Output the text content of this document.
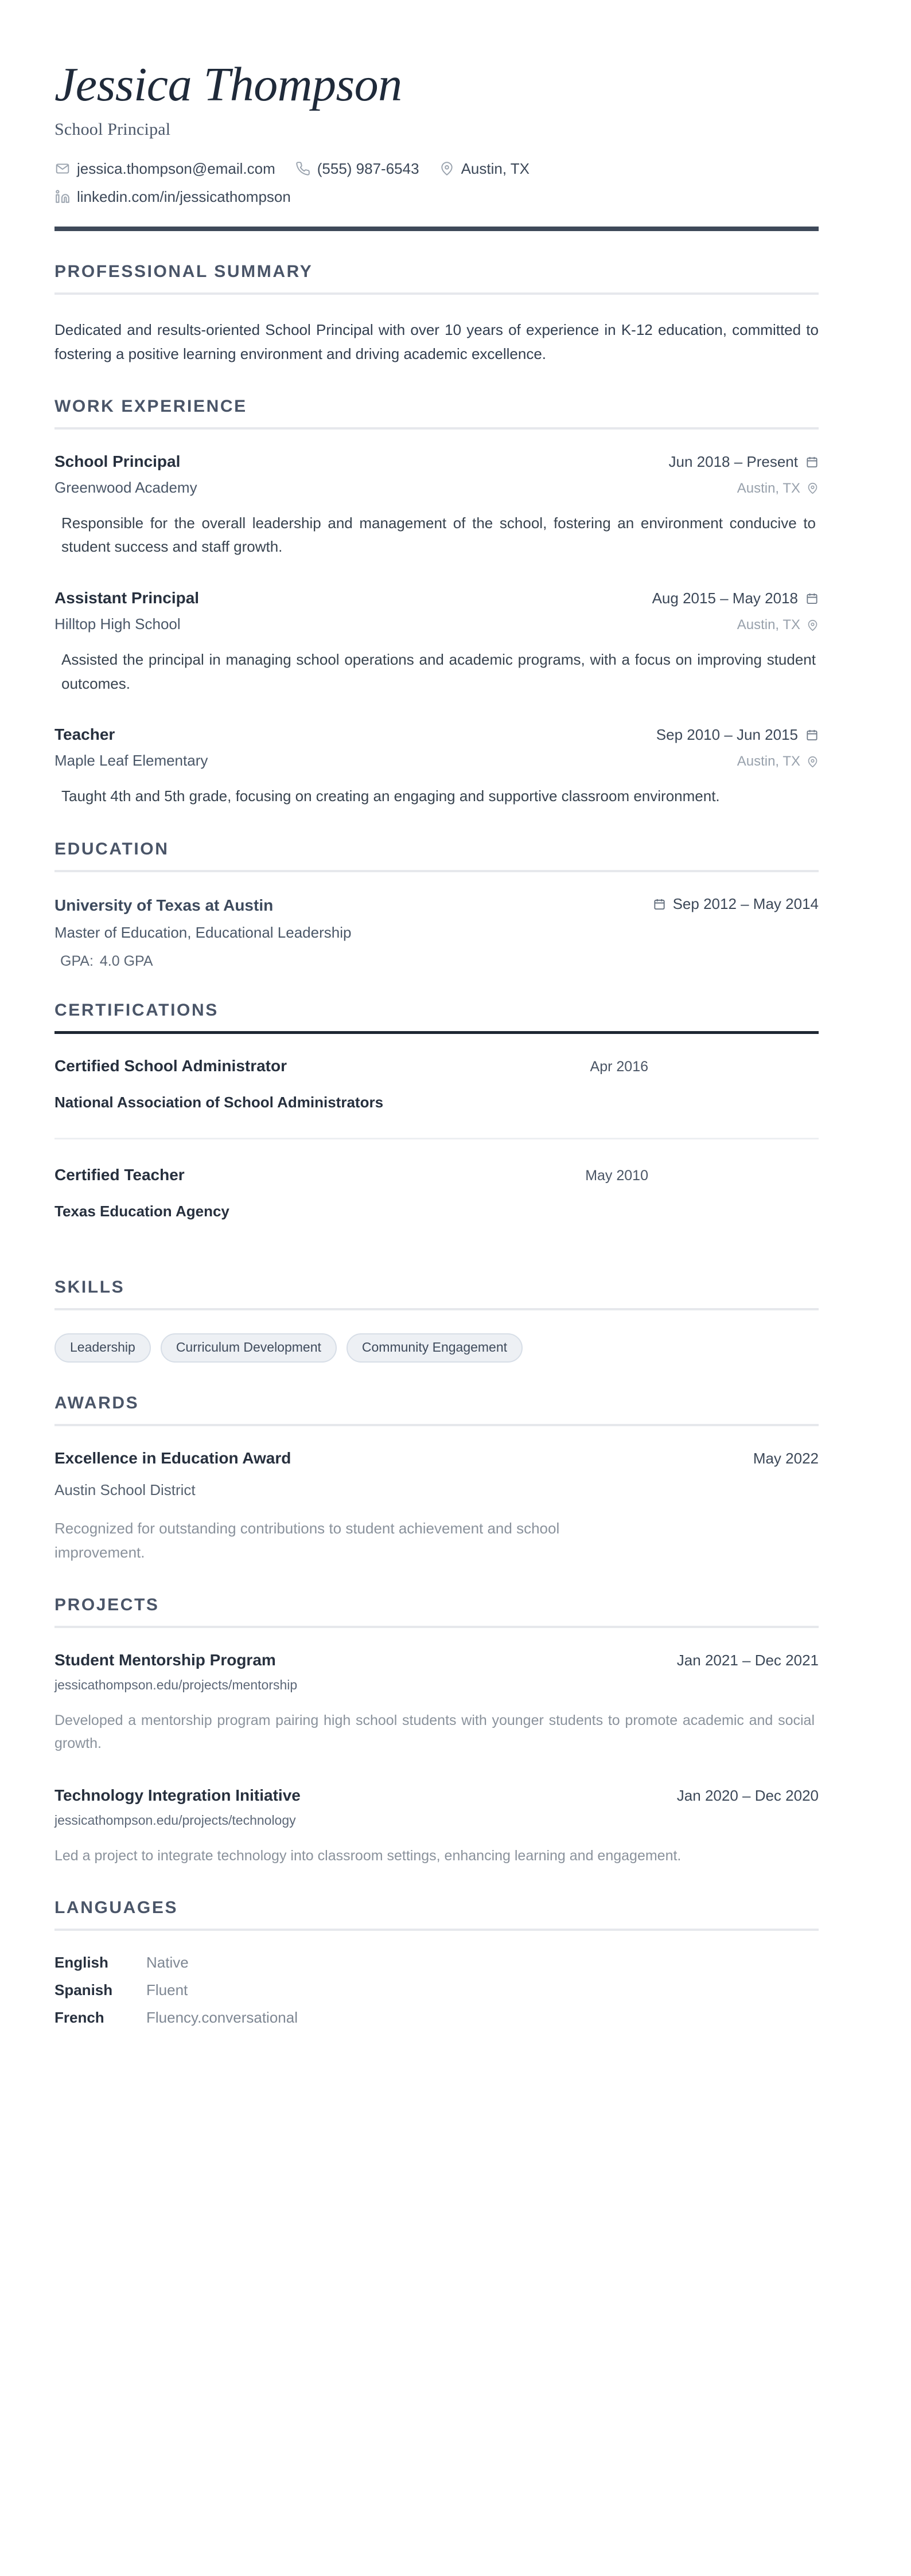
Jessica Thompson
School Principal
jessica.thompson@email.com	(555) 987-6543	Austin, TX
linkedin.com/in/jessicathompson
PROFESSIONAL SUMMARY

Dedicated and results-oriented School Principal with over 10 years of experience in K-12 education, committed to fostering a positive learning environment and driving academic excellence.

WORK EXPERIENCE
School Principal	Jun 2018 – Present
Greenwood Academy	Austin, TX

Responsible for the overall leadership and management of the school, fostering an environment conducive to student success and staff growth.

Assistant Principal	Aug 2015 – May 2018
Hilltop High School	Austin, TX

Assisted the principal in managing school operations and academic programs, with a focus on improving student outcomes.

Teacher	Sep 2010 – Jun 2015
Maple Leaf Elementary	Austin, TX

Taught 4th and 5th grade, focusing on creating an engaging and supportive classroom environment.

EDUCATION
University of Texas at Austin	Sep 2012 – May 2014
Master of Education, Educational Leadership
GPA: 4.0 GPA
CERTIFICATIONS
Certified School Administrator	Apr 2016
National Association of School Administrators
Certified Teacher	May 2010
Texas Education Agency
SKILLS
Leadership	Curriculum Development	Community Engagement
AWARDS
Excellence in Education Award	May 2022
Austin School District

Recognized for outstanding contributions to student achievement and school improvement.

PROJECTS
Student Mentorship Program	Jan 2021 – Dec 2021
jessicathompson.edu/projects/mentorship

Developed a mentorship program pairing high school students with younger students to promote academic and social growth.

Technology Integration Initiative	Jan 2020 – Dec 2020
jessicathompson.edu/projects/technology

Led a project to integrate technology into classroom settings, enhancing learning and engagement.

LANGUAGES
English	Native
Spanish	Fluent
French	Fluency.conversational
